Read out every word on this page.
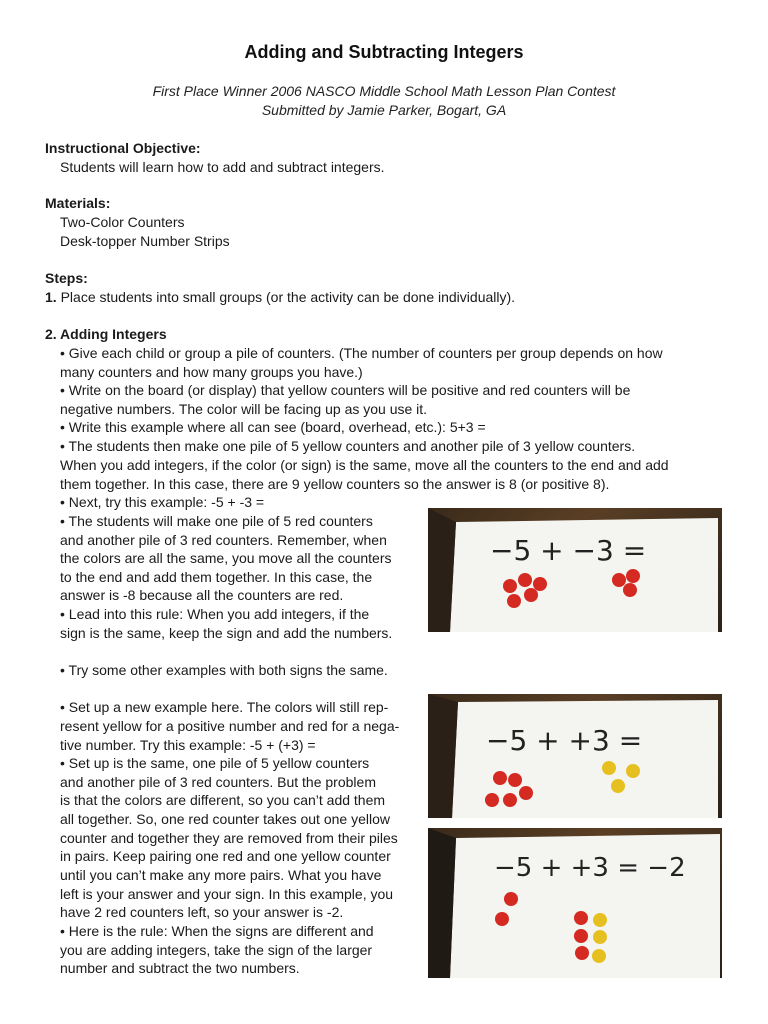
Adding and Subtracting Integers
First Place Winner 2006 NASCO Middle School Math Lesson Plan Contest
Submitted by Jamie Parker, Bogart, GA
Instructional Objective:
Students will learn how to add and subtract integers.
Materials:
Two-Color Counters
Desk-topper Number Strips
Steps:
1. Place students into small groups (or the activity can be done individually).
2. Adding Integers
• Give each child or group a pile of counters. (The number of counters per group depends on how
many counters and how many groups you have.)
• Write on the board (or display) that yellow counters will be positive and red counters will be
negative numbers. The color will be facing up as you use it.
• Write this example where all can see (board, overhead, etc.): 5+3 =
• The students then make one pile of 5 yellow counters and another pile of 3 yellow counters.
When you add integers, if the color (or sign) is the same, move all the counters to the end and add
them together. In this case, there are 9 yellow counters so the answer is 8 (or positive 8).
• Next, try this example: -5 + -3 =
• The students will make one pile of 5 red counters
and another pile of 3 red counters. Remember, when
the colors are all the same, you move all the counters
to the end and add them together. In this case, the
answer is -8 because all the counters are red.
• Lead into this rule: When you add integers, if the
sign is the same, keep the sign and add the numbers.
• Try some other examples with both signs the same.
• Set up a new example here. The colors will still rep-
resent yellow for a positive number and red for a nega-
tive number. Try this example: -5 + (+3) =
• Set up is the same, one pile of 5 yellow counters
and another pile of 3 red counters. But the problem
is that the colors are different, so you can’t add them
all together. So, one red counter takes out one yellow
counter and together they are removed from their piles
in pairs. Keep pairing one red and one yellow counter
until you can’t make any more pairs. What you have
left is your answer and your sign. In this example, you
have 2 red counters left, so your answer is -2.
• Here is the rule: When the signs are different and
you are adding integers, take the sign of the larger
number and subtract the two numbers.
−5 + −3 =
−5 + +3 =
−5 + +3 = −2
